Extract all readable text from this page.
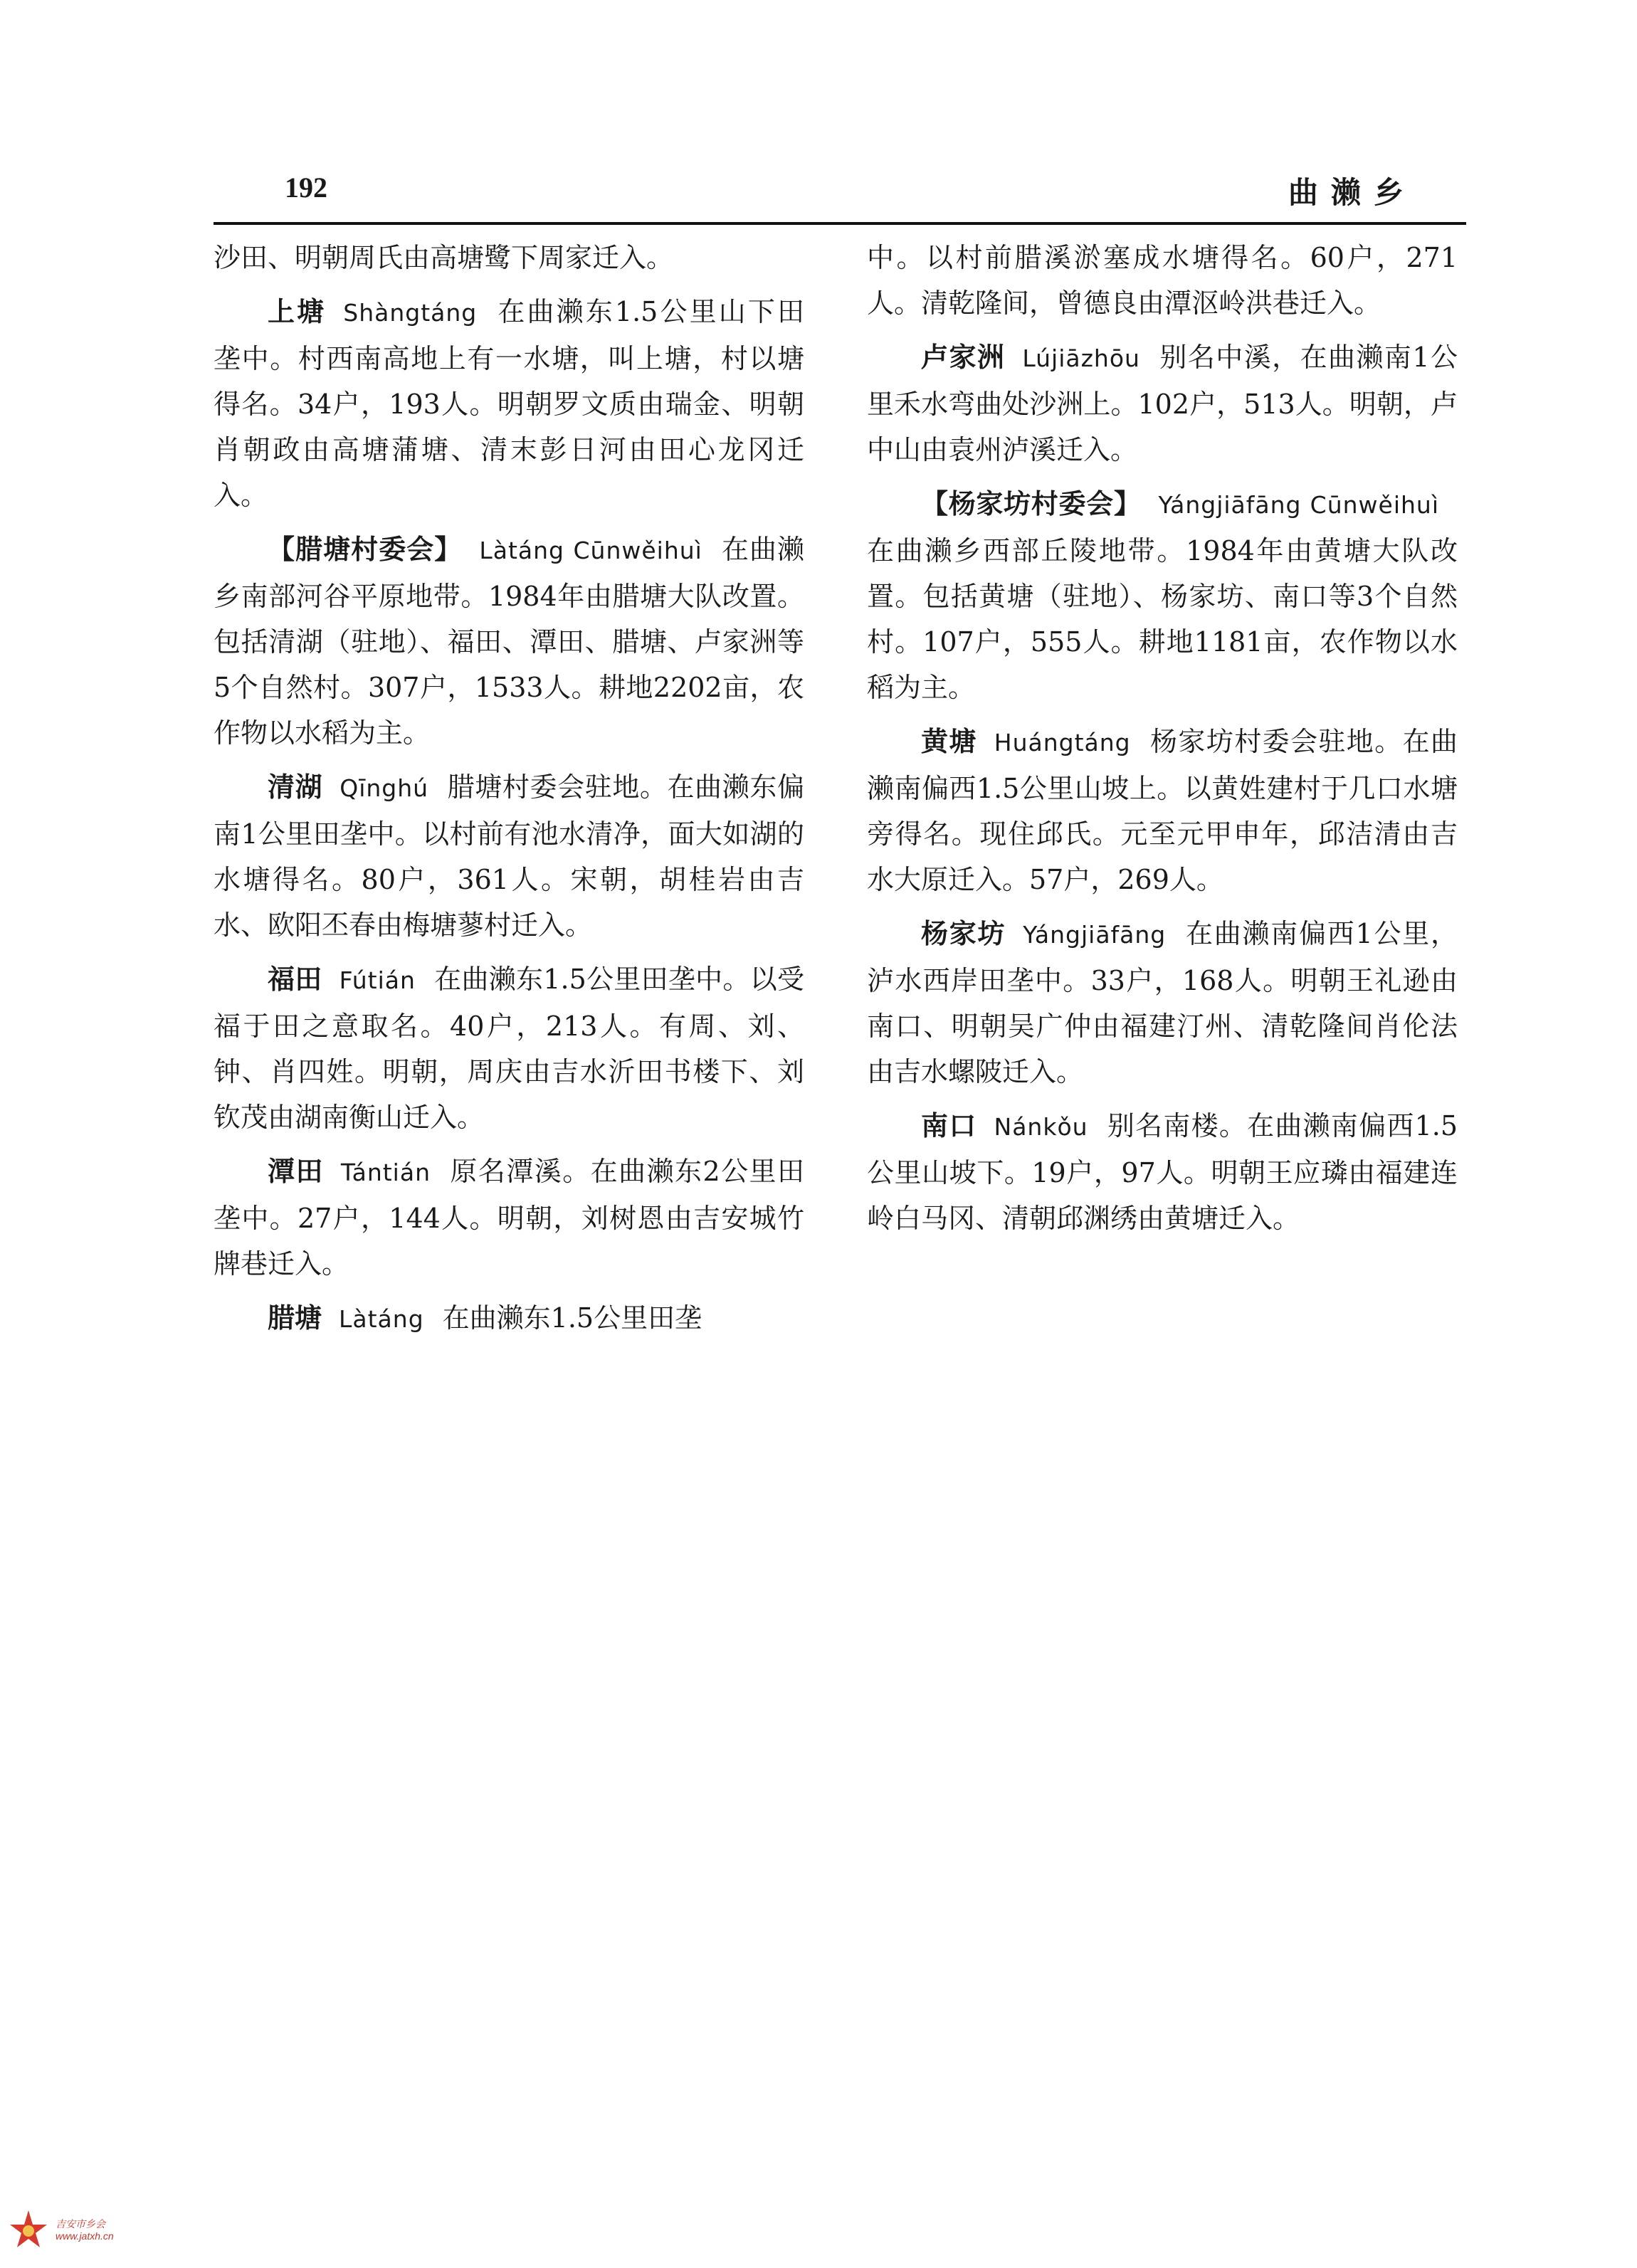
192	曲濑乡

沙田、明朝周氏由高塘鹭下周家迁入。

上塘 Shàngtáng 在曲濑东1.5公里山下田垄中。村西南高地上有一水塘，叫上塘，村以塘得名。34户，193人。明朝罗文质由瑞金、明朝肖朝政由高塘蒲塘、清末彭日河由田心龙冈迁入。

【腊塘村委会】 Làtáng Cūnwěihuì 在曲濑乡南部河谷平原地带。1984年由腊塘大队改置。包括清湖（驻地）、福田、潭田、腊塘、卢家洲等5个自然村。307户，1533人。耕地2202亩，农作物以水稻为主。

清湖 Qīnghú 腊塘村委会驻地。在曲濑东偏南1公里田垄中。以村前有池水清净，面大如湖的水塘得名。80户，361人。宋朝，胡桂岩由吉水、欧阳丕春由梅塘蓼村迁入。

福田 Fútián 在曲濑东1.5公里田垄中。以受福于田之意取名。40户，213人。有周、刘、钟、肖四姓。明朝，周庆由吉水沂田书楼下、刘钦茂由湖南衡山迁入。

潭田 Tántián 原名潭溪。在曲濑东2公里田垄中。27户，144人。明朝，刘树恩由吉安城竹牌巷迁入。

腊塘 Làtáng 在曲濑东1.5公里田垄

中。以村前腊溪淤塞成水塘得名。60户，271人。清乾隆间，曾德良由潭沤岭洪巷迁入。

卢家洲 Lújiāzhōu 别名中溪，在曲濑南1公里禾水弯曲处沙洲上。102户，513人。明朝，卢中山由袁州泸溪迁入。

【杨家坊村委会】 Yángjiāfāng Cūnwěihuì在曲濑乡西部丘陵地带。1984年由黄塘大队改置。包括黄塘（驻地）、杨家坊、南口等3个自然村。107户，555人。耕地1181亩，农作物以水稻为主。

黄塘 Huángtáng 杨家坊村委会驻地。在曲濑南偏西1.5公里山坡上。以黄姓建村于几口水塘旁得名。现住邱氏。元至元甲申年，邱洁清由吉水大原迁入。57户，269人。

杨家坊 Yángjiāfāng 在曲濑南偏西1公里，泸水西岸田垄中。33户，168人。明朝王礼逊由南口、明朝吴广仲由福建汀州、清乾隆间肖伦法由吉水螺陂迁入。

南口 Nánkǒu 别名南楼。在曲濑南偏西1.5公里山坡下。19户，97人。明朝王应璘由福建连岭白马冈、清朝邱渊绣由黄塘迁入。

吉安市乡会
www.jatxh.cn
